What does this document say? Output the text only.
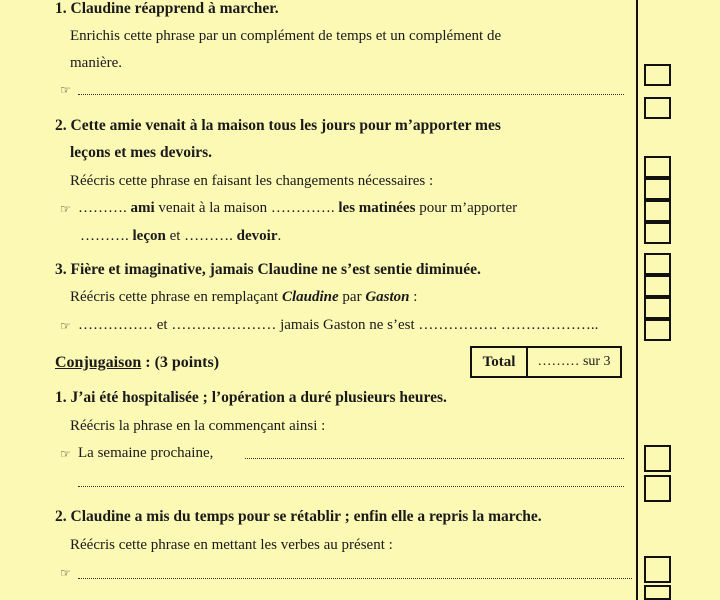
1. Claudine réapprend à marcher.
Enrichis cette phrase par un complément de temps et un complément de
manière.
☞
2. Cette amie venait à la maison tous les jours pour m’apporter mes
leçons et mes devoirs.
Réécris cette phrase en faisant les changements nécessaires :
☞ ………. ami venait à la maison …………. les matinées pour m’apporter
………. leçon et ………. devoir.
3. Fière et imaginative, jamais Claudine ne s’est sentie diminuée.
Réécris cette phrase en remplaçant Claudine par Gaston :
☞ …………… et ………………… jamais Gaston ne s’est ……………. ………………..
Conjugaison : (3 points)	Total	……… sur 3
1. J’ai été hospitalisée ; l’opération a duré plusieurs heures.
Réécris la phrase en la commençant ainsi :
☞ La semaine prochaine,
2. Claudine a mis du temps pour se rétablir ; enfin elle a repris la marche.
Réécris cette phrase en mettant les verbes au présent :
☞
